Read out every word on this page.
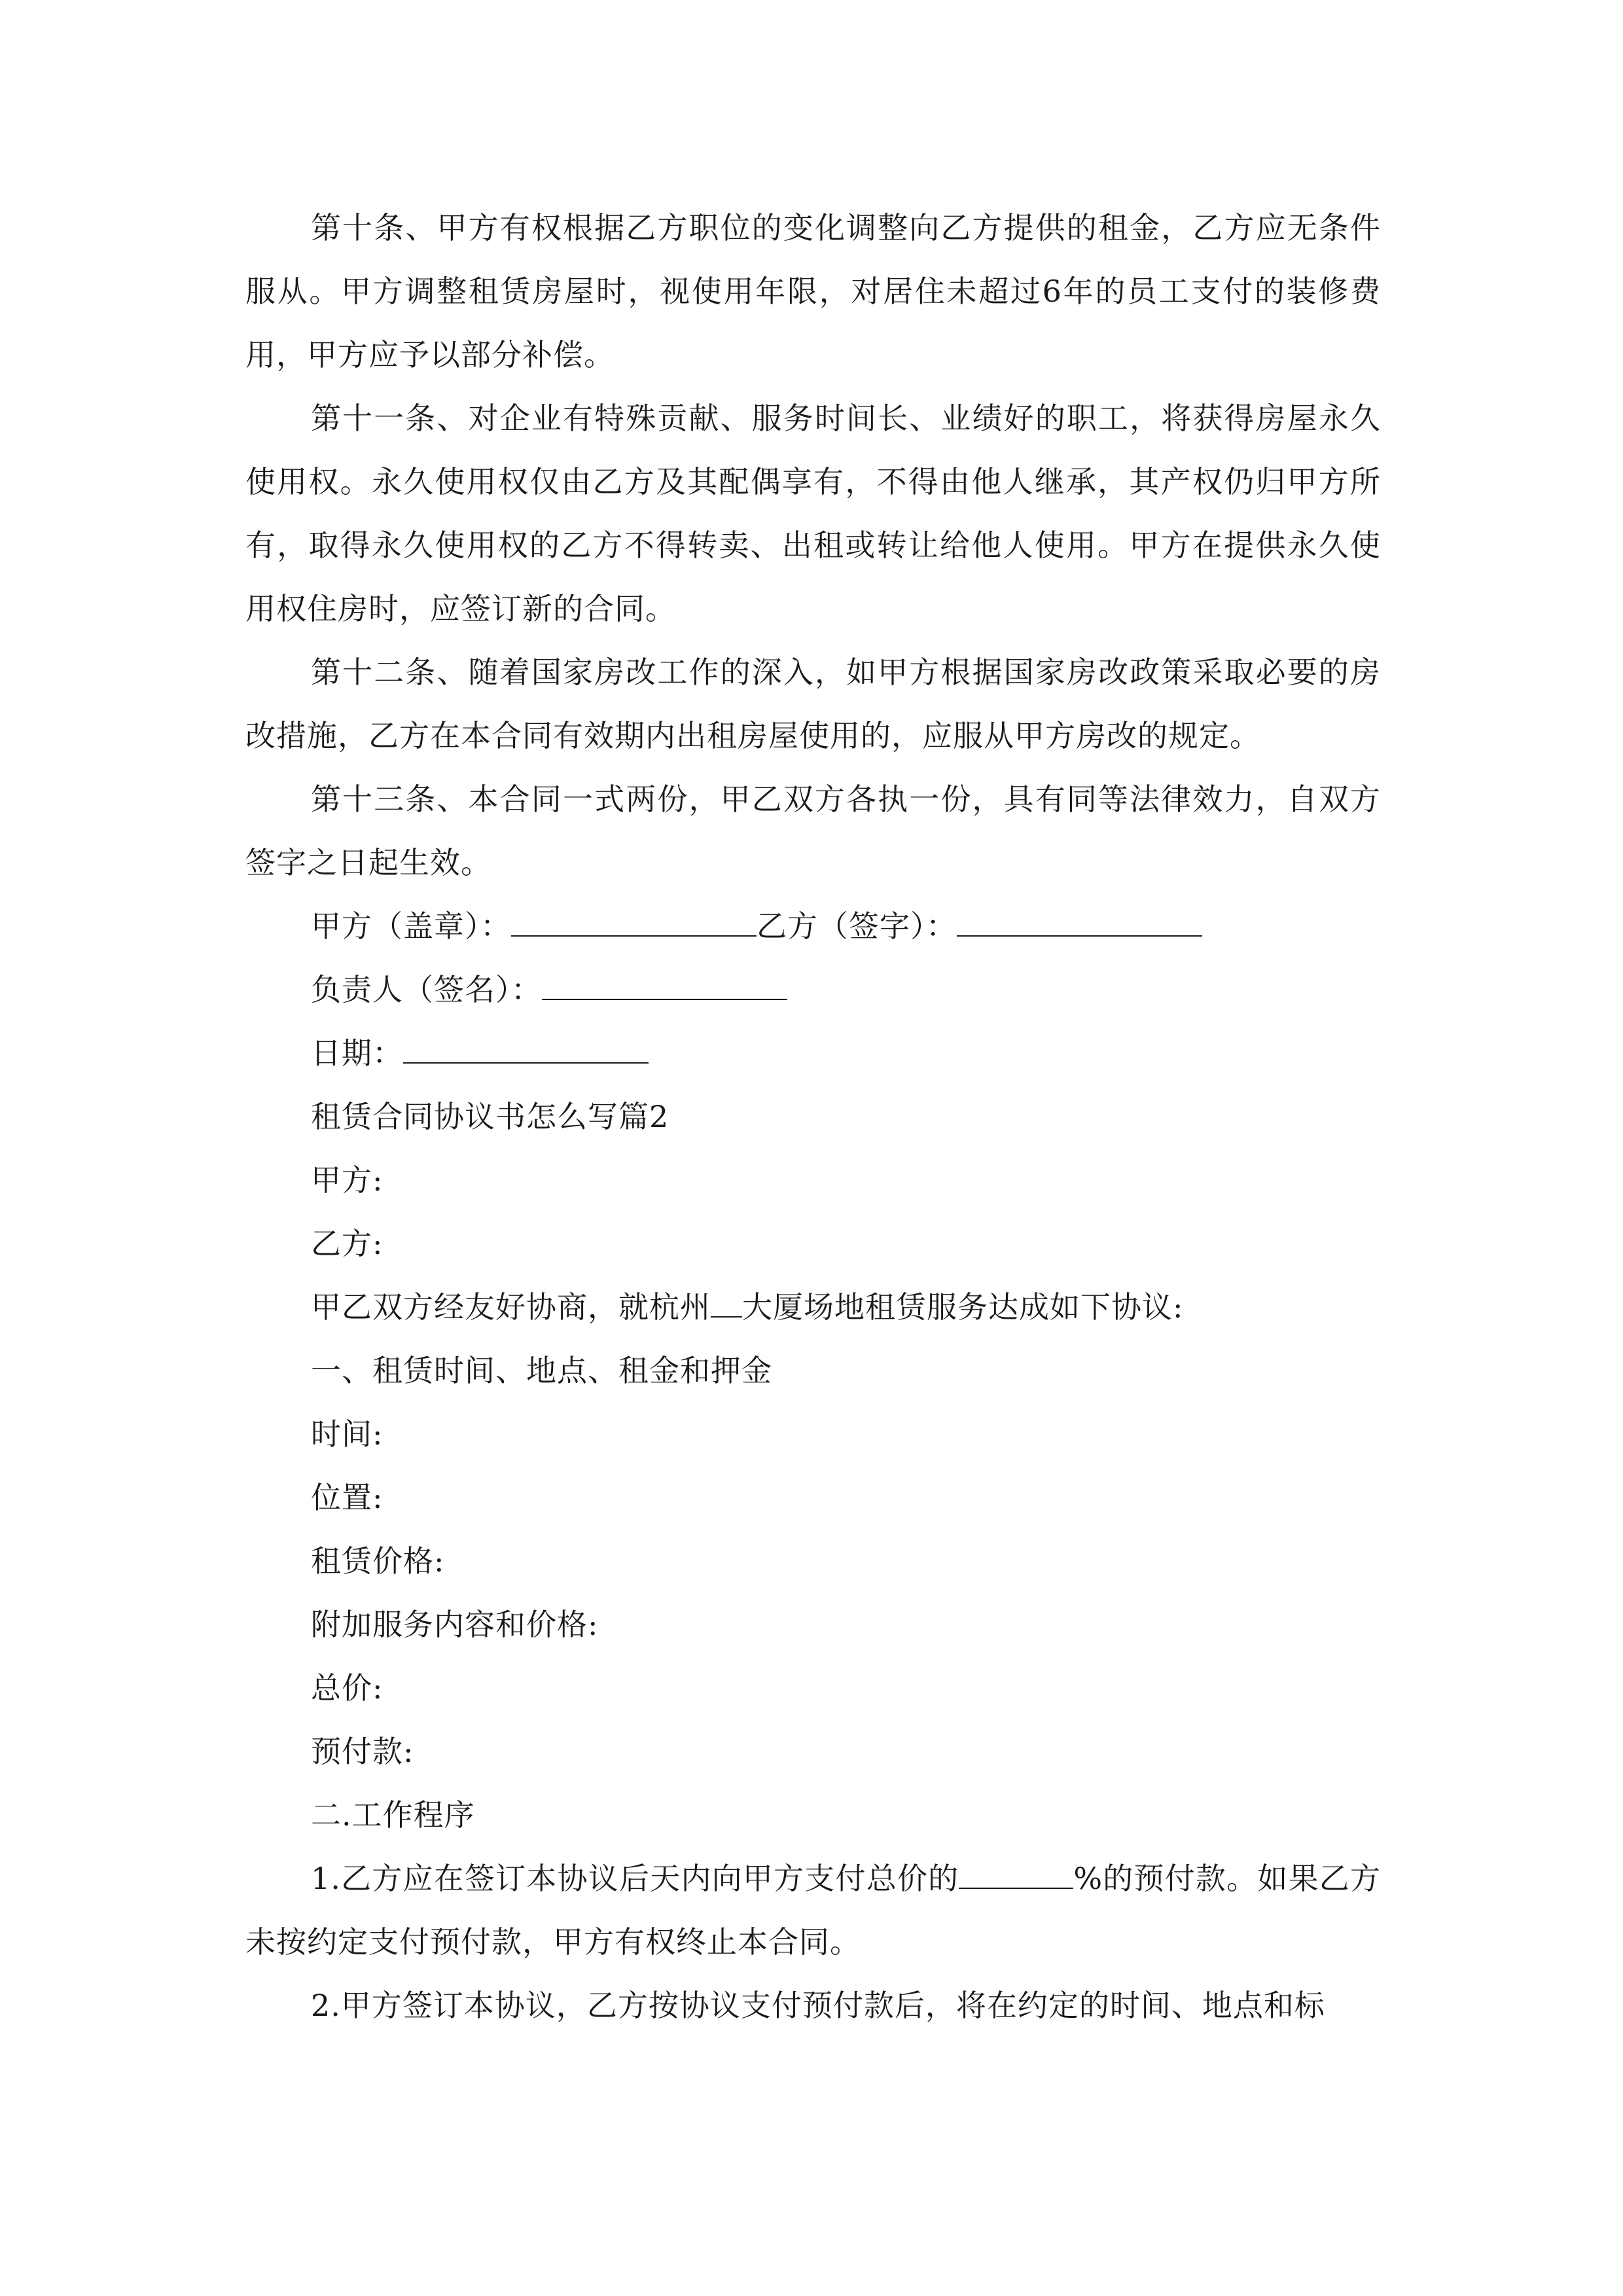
第十条、甲方有权根据乙方职位的变化调整向乙方提供的租金，乙方应无条件服从。甲方调整租赁房屋时，视使用年限，对居住未超过6年的员工支付的装修费用，甲方应予以部分补偿。

第十一条、对企业有特殊贡献、服务时间长、业绩好的职工，将获得房屋永久使用权。永久使用权仅由乙方及其配偶享有，不得由他人继承，其产权仍归甲方所有，取得永久使用权的乙方不得转卖、出租或转让给他人使用。甲方在提供永久使用权住房时，应签订新的合同。

第十二条、随着国家房改工作的深入，如甲方根据国家房改政策采取必要的房改措施，乙方在本合同有效期内出租房屋使用的，应服从甲方房改的规定。

第十三条、本合同一式两份，甲乙双方各执一份，具有同等法律效力，自双方签字之日起生效。

甲方（盖章）：	乙方（签字）：

负责人（签名）：

日期：

租赁合同协议书怎么写篇2

甲方:

乙方:

甲乙双方经友好协商，就杭州 大厦场地租赁服务达成如下协议:

一、租赁时间、地点、租金和押金

时间:

位置:

租赁价格:

附加服务内容和价格:

总价:

预付款:

二.工作程序

1.乙方应在签订本协议后天内向甲方支付总价的	%的预付款。如果乙方未按约定支付预付款，甲方有权终止本合同。

2.甲方签订本协议，乙方按协议支付预付款后，将在约定的时间、地点和标
